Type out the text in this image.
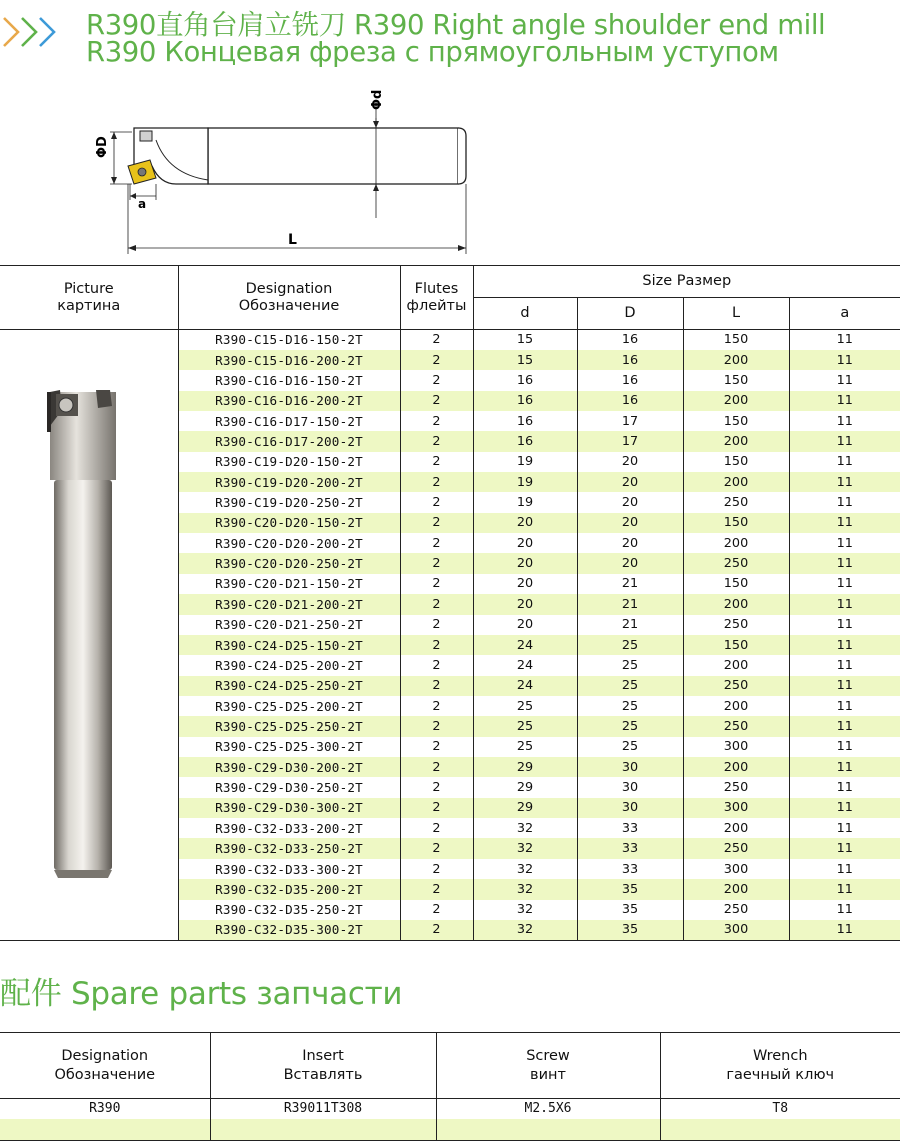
R390直角台肩立铣刀 R390 Right angle shoulder end mill
R390 Концевая фреза с прямоугольным уступом
ΦD
Φd
a
L
Picture
картина	Designation
Обозначение	Flutes
флейты	Size Размер			
			d	D	L	a
	R390-C15-D16-150-2T	2	15	16	150	11
	R390-C15-D16-200-2T	2	15	16	200	11
	R390-C16-D16-150-2T	2	16	16	150	11
	R390-C16-D16-200-2T	2	16	16	200	11
	R390-C16-D17-150-2T	2	16	17	150	11
	R390-C16-D17-200-2T	2	16	17	200	11
	R390-C19-D20-150-2T	2	19	20	150	11
	R390-C19-D20-200-2T	2	19	20	200	11
	R390-C19-D20-250-2T	2	19	20	250	11
	R390-C20-D20-150-2T	2	20	20	150	11
	R390-C20-D20-200-2T	2	20	20	200	11
	R390-C20-D20-250-2T	2	20	20	250	11
	R390-C20-D21-150-2T	2	20	21	150	11
	R390-C20-D21-200-2T	2	20	21	200	11
	R390-C20-D21-250-2T	2	20	21	250	11
	R390-C24-D25-150-2T	2	24	25	150	11
	R390-C24-D25-200-2T	2	24	25	200	11
	R390-C24-D25-250-2T	2	24	25	250	11
	R390-C25-D25-200-2T	2	25	25	200	11
	R390-C25-D25-250-2T	2	25	25	250	11
	R390-C25-D25-300-2T	2	25	25	300	11
	R390-C29-D30-200-2T	2	29	30	200	11
	R390-C29-D30-250-2T	2	29	30	250	11
	R390-C29-D30-300-2T	2	29	30	300	11
	R390-C32-D33-200-2T	2	32	33	200	11
	R390-C32-D33-250-2T	2	32	33	250	11
	R390-C32-D33-300-2T	2	32	33	300	11
	R390-C32-D35-200-2T	2	32	35	200	11
	R390-C32-D35-250-2T	2	32	35	250	11
	R390-C32-D35-300-2T	2	32	35	300	11
配件 Spare parts запчасти
Designation
Обозначение	Insert
Вставлять	Screw
винт	Wrench
гаечный ключ

R390	R39011T308	M2.5X6	T8
